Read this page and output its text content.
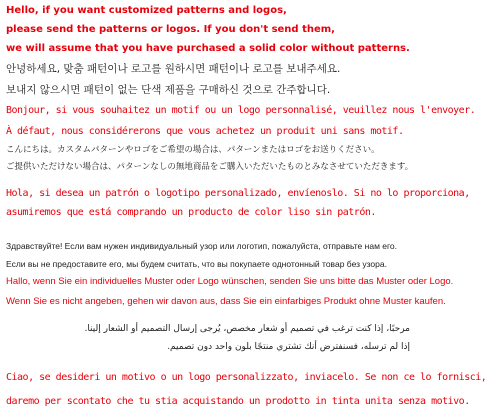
Hello, if you want customized patterns and logos,
please send the patterns or logos. If you don't send them,
we will assume that you have purchased a solid color without patterns.
안녕하세요, 맞춤 패턴이나 로고를 원하시면 패턴이나 로고를 보내주세요.
보내지 않으시면 패턴이 없는 단색 제품을 구매하신 것으로 간주합니다.
Bonjour, si vous souhaitez un motif ou un logo personnalisé, veuillez nous l'envoyer.
À défaut, nous considérerons que vous achetez un produit uni sans motif.
こんにちは。カスタムパターンやロゴをご希望の場合は、パターンまたはロゴをお送りください。
ご提供いただけない場合は、パターンなしの無地商品をご購入いただいたものとみなさせていただきます。
Hola, si desea un patrón o logotipo personalizado, envíenoslo. Si no lo proporciona,
asumiremos que está comprando un producto de color liso sin patrón.
Здравствуйте! Если вам нужен индивидуальный узор или логотип, пожалуйста, отправьте нам его.
Если вы не предоставите его, мы будем считать, что вы покупаете однотонный товар без узора.
Hallo, wenn Sie ein individuelles Muster oder Logo wünschen, senden Sie uns bitte das Muster oder Logo.
Wenn Sie es nicht angeben, gehen wir davon aus, dass Sie ein einfarbiges Produkt ohne Muster kaufen.
مرحبًا، إذا كنت ترغب في تصميم أو شعار مخصص، يُرجى إرسال التصميم أو الشعار إلينا.
إذا لم ترسله، فسنفترض أنك تشتري منتجًا بلون واحد دون تصميم.
Ciao, se desideri un motivo o un logo personalizzato, inviacelo. Se non ce lo fornisci,
daremo per scontato che tu stia acquistando un prodotto in tinta unita senza motivo.
